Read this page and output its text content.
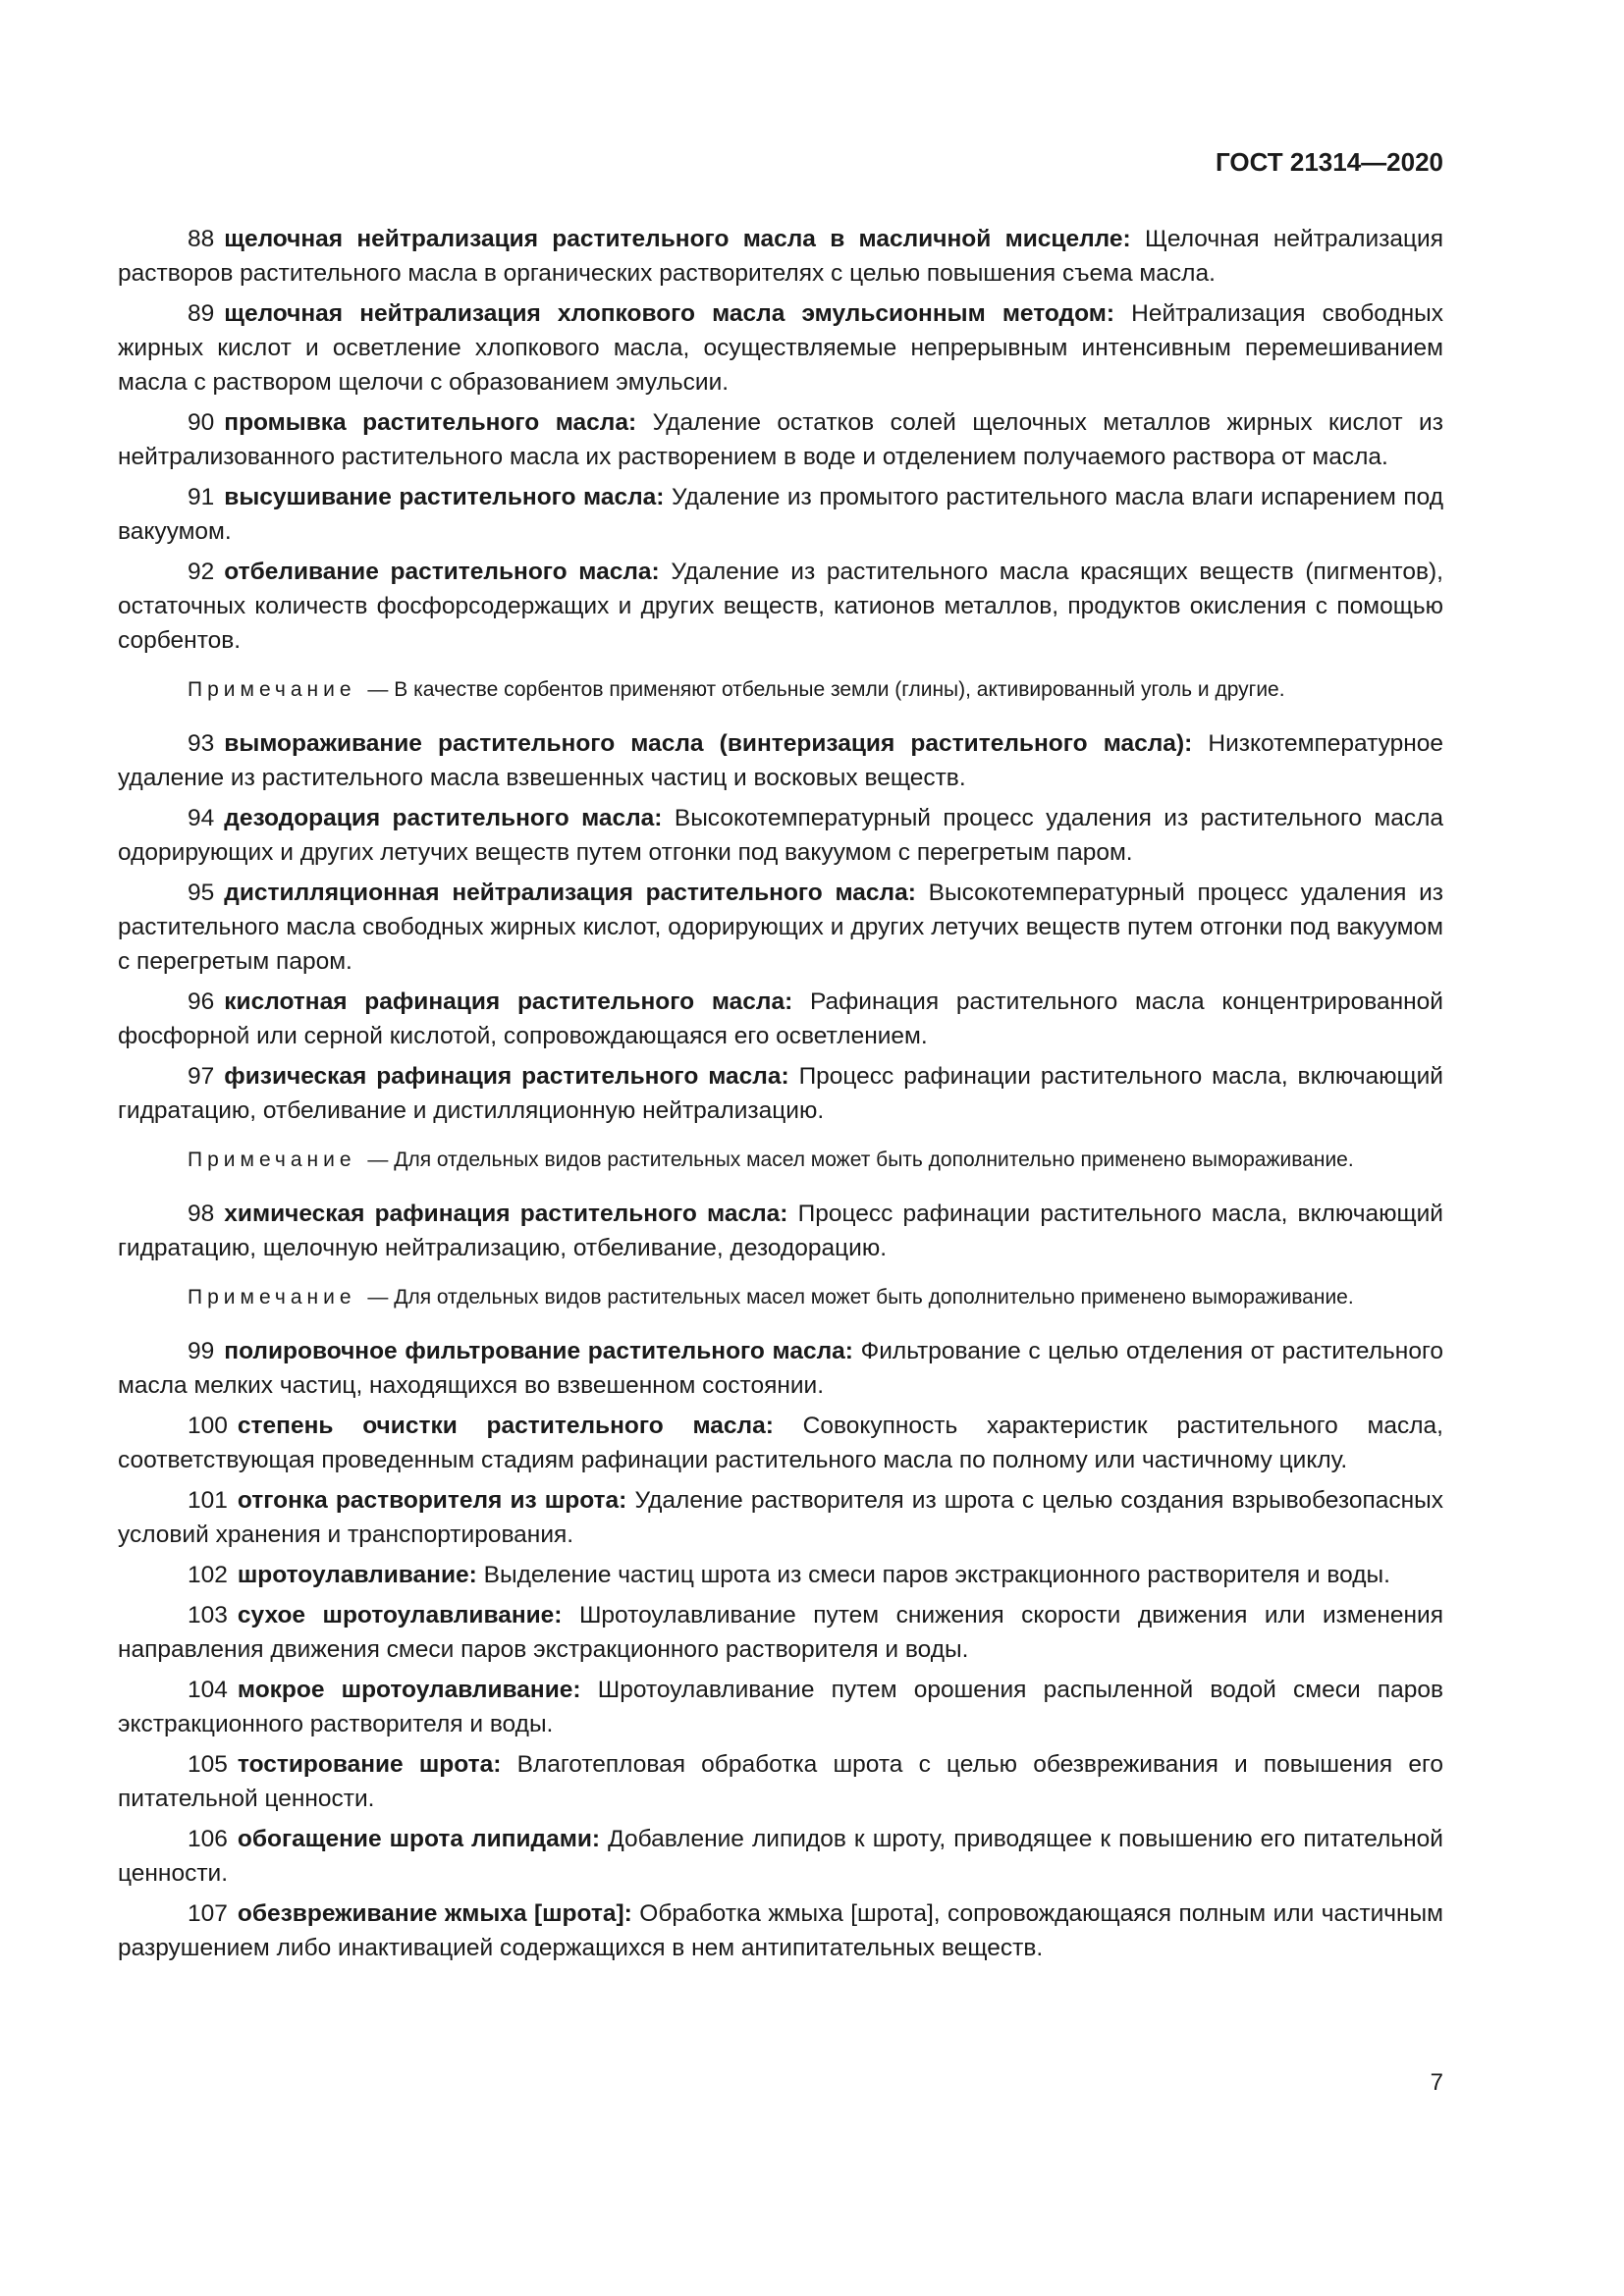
ГОСТ 21314—2020

88 щелочная нейтрализация растительного масла в масличной мисцелле: Щелочная нейтрализация растворов растительного масла в органических растворителях с целью повышения съема масла.

89 щелочная нейтрализация хлопкового масла эмульсионным методом: Нейтрализация свободных жирных кислот и осветление хлопкового масла, осуществляемые непрерывным интенсивным перемешиванием масла с раствором щелочи с образованием эмульсии.

90 промывка растительного масла: Удаление остатков солей щелочных металлов жирных кислот из нейтрализованного растительного масла их растворением в воде и отделением получаемого раствора от масла.

91 высушивание растительного масла: Удаление из промытого растительного масла влаги испарением под вакуумом.

92 отбеливание растительного масла: Удаление из растительного масла красящих веществ (пигментов), остаточных количеств фосфорсодержащих и других веществ, катионов металлов, продуктов окисления с помощью сорбентов.

Примечание — В качестве сорбентов применяют отбельные земли (глины), активированный уголь и другие.

93 вымораживание растительного масла (винтеризация растительного масла): Низкотемпературное удаление из растительного масла взвешенных частиц и восковых веществ.

94 дезодорация растительного масла: Высокотемпературный процесс удаления из растительного масла одорирующих и других летучих веществ путем отгонки под вакуумом с перегретым паром.

95 дистилляционная нейтрализация растительного масла: Высокотемпературный процесс удаления из растительного масла свободных жирных кислот, одорирующих и других летучих веществ путем отгонки под вакуумом с перегретым паром.

96 кислотная рафинация растительного масла: Рафинация растительного масла концентрированной фосфорной или серной кислотой, сопровождающаяся его осветлением.

97 физическая рафинация растительного масла: Процесс рафинации растительного масла, включающий гидратацию, отбеливание и дистилляционную нейтрализацию.

Примечание — Для отдельных видов растительных масел может быть дополнительно применено вымораживание.

98 химическая рафинация растительного масла: Процесс рафинации растительного масла, включающий гидратацию, щелочную нейтрализацию, отбеливание, дезодорацию.

Примечание — Для отдельных видов растительных масел может быть дополнительно применено вымораживание.

99 полировочное фильтрование растительного масла: Фильтрование с целью отделения от растительного масла мелких частиц, находящихся во взвешенном состоянии.

100 степень очистки растительного масла: Совокупность характеристик растительного масла, соответствующая проведенным стадиям рафинации растительного масла по полному или частичному циклу.

101 отгонка растворителя из шрота: Удаление растворителя из шрота с целью создания взрывобезопасных условий хранения и транспортирования.

102 шротоулавливание: Выделение частиц шрота из смеси паров экстракционного растворителя и воды.

103 сухое шротоулавливание: Шротоулавливание путем снижения скорости движения или изменения направления движения смеси паров экстракционного растворителя и воды.

104 мокрое шротоулавливание: Шротоулавливание путем орошения распыленной водой смеси паров экстракционного растворителя и воды.

105 тостирование шрота: Влаготепловая обработка шрота с целью обезвреживания и повышения его питательной ценности.

106 обогащение шрота липидами: Добавление липидов к шроту, приводящее к повышению его питательной ценности.

107 обезвреживание жмыха [шрота]: Обработка жмыха [шрота], сопровождающаяся полным или частичным разрушением либо инактивацией содержащихся в нем антипитательных веществ.

7
